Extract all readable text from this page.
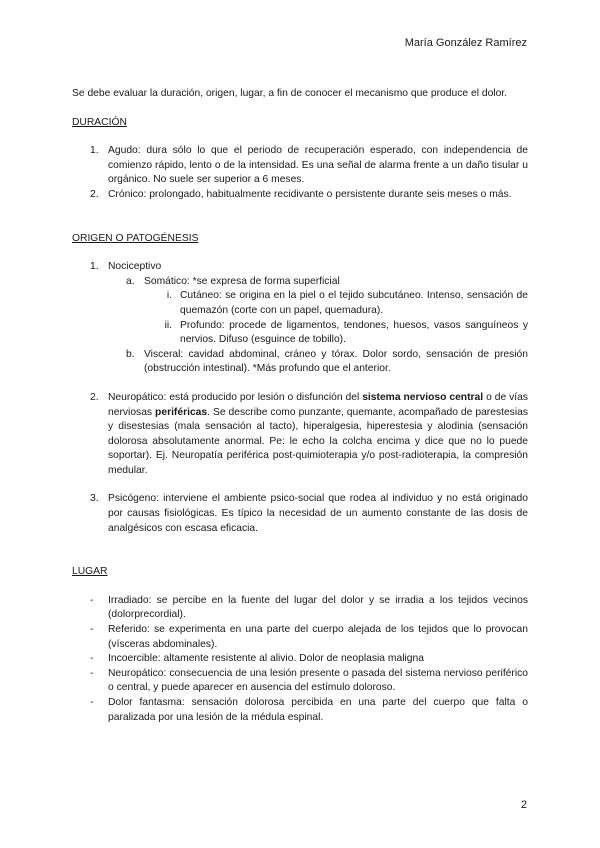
María González Ramírez

Se debe evaluar la duración, origen, lugar, a fin de conocer el mecanismo que produce el dolor.

DURACIÓN

1. Agudo: dura sólo lo que el periodo de recuperación esperado, con independencia de comienzo rápido, lento o de la intensidad. Es una señal de alarma frente a un daño tisular u orgánico. No suele ser superior a 6 meses.
2. Crónico: prolongado, habitualmente recidivante o persistente durante seis meses o más.

ORIGEN O PATOGÉNESIS

1. Nociceptivo
a. Somático: *se expresa de forma superficial
i. Cutáneo: se origina en la piel o el tejido subcutáneo. Intenso, sensación de quemazón (corte con un papel, quemadura).
ii. Profundo: procede de ligamentos, tendones, huesos, vasos sanguíneos y nervios. Difuso (esguince de tobillo).
b. Visceral: cavidad abdominal, cráneo y tórax. Dolor sordo, sensación de presión (obstrucción intestinal). *Más profundo que el anterior.
2. Neuropático: está producido por lesión o disfunción del sistema nervioso central o de vías nerviosas periféricas. Se describe como punzante, quemante, acompañado de parestesias y disestesias (mala sensación al tacto), hiperalgesia, hiperestesia y alodinia (sensación dolorosa absolutamente anormal. Pe: le echo la colcha encima y dice que no lo puede soportar). Ej. Neuropatía periférica post-quimioterapia y/o post-radioterapia, la compresión medular.
3. Psicógeno: interviene el ambiente psico-social que rodea al individuo y no está originado por causas fisiológicas. Es típico la necesidad de un aumento constante de las dosis de analgésicos con escasa eficacia.

LUGAR

- Irradiado: se percibe en la fuente del lugar del dolor y se irradia a los tejidos vecinos (dolorprecordial).
- Referido: se experimenta en una parte del cuerpo alejada de los tejidos que lo provocan (vísceras abdominales).
- Incoercible: altamente resistente al alivio. Dolor de neoplasia maligna
- Neuropático: consecuencia de una lesión presente o pasada del sistema nervioso periférico o central, y puede aparecer en ausencia del estímulo doloroso.
- Dolor fantasma: sensación dolorosa percibida en una parte del cuerpo que falta o paralizada por una lesión de la médula espinal.
2
